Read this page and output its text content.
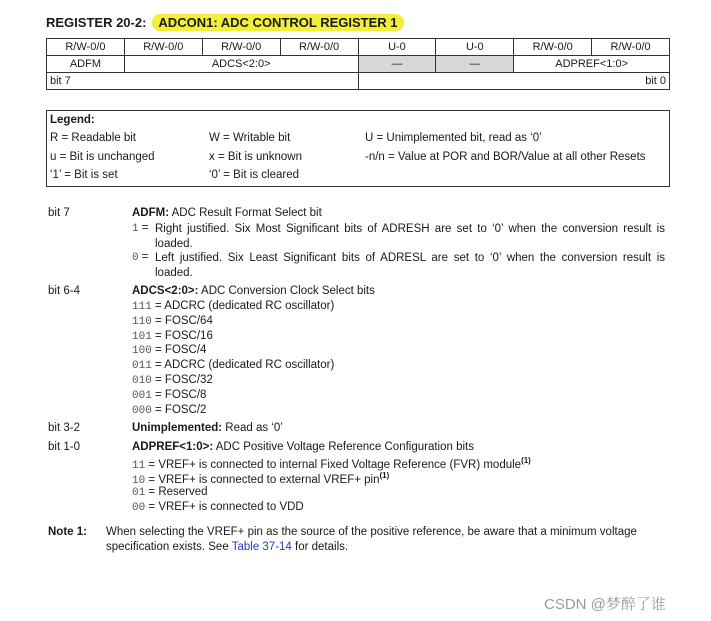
REGISTER 20-2: ADCON1: ADC CONTROL REGISTER 1
R/W-0/0	R/W-0/0	R/W-0/0	R/W-0/0	U-0	U-0	R/W-0/0	R/W-0/0
ADFM	ADCS<2:0>			—	—	ADPREF<1:0>	
bit 7				bit 0			
Legend:
R = Readable bit	W = Writable bit	U = Unimplemented bit, read as ‘0’
u = Bit is unchanged	x = Bit is unknown	-n/n = Value at POR and BOR/Value at all other Resets
‘1’ = Bit is set	‘0’ = Bit is cleared
bit 7	ADFM: ADC Result Format Select bit
1 = Right justified. Six Most Significant bits of ADRESH are set to ‘0’ when the conversion result is loaded.
0 = Left justified. Six Least Significant bits of ADRESL are set to ‘0’ when the conversion result is loaded.
bit 6-4	ADCS<2:0>: ADC Conversion Clock Select bits
111 = ADCRC (dedicated RC oscillator)
110 = FOSC/64
101 = FOSC/16
100 = FOSC/4
011 = ADCRC (dedicated RC oscillator)
010 = FOSC/32
001 = FOSC/8
000 = FOSC/2
bit 3-2	Unimplemented: Read as ‘0’
bit 1-0	ADPREF<1:0>: ADC Positive Voltage Reference Configuration bits
11 = VREF+ is connected to internal Fixed Voltage Reference (FVR) module$^{(1)}$
10 = VREF+ is connected to external VREF+ pin$^{(1)}$
01 = Reserved
00 = VREF+ is connected to VDD
Note 1: When selecting the VREF+ pin as the source of the positive reference, be aware that a minimum voltage
specification exists. See Table 37-14 for details.
CSDN @梦醉了谁
